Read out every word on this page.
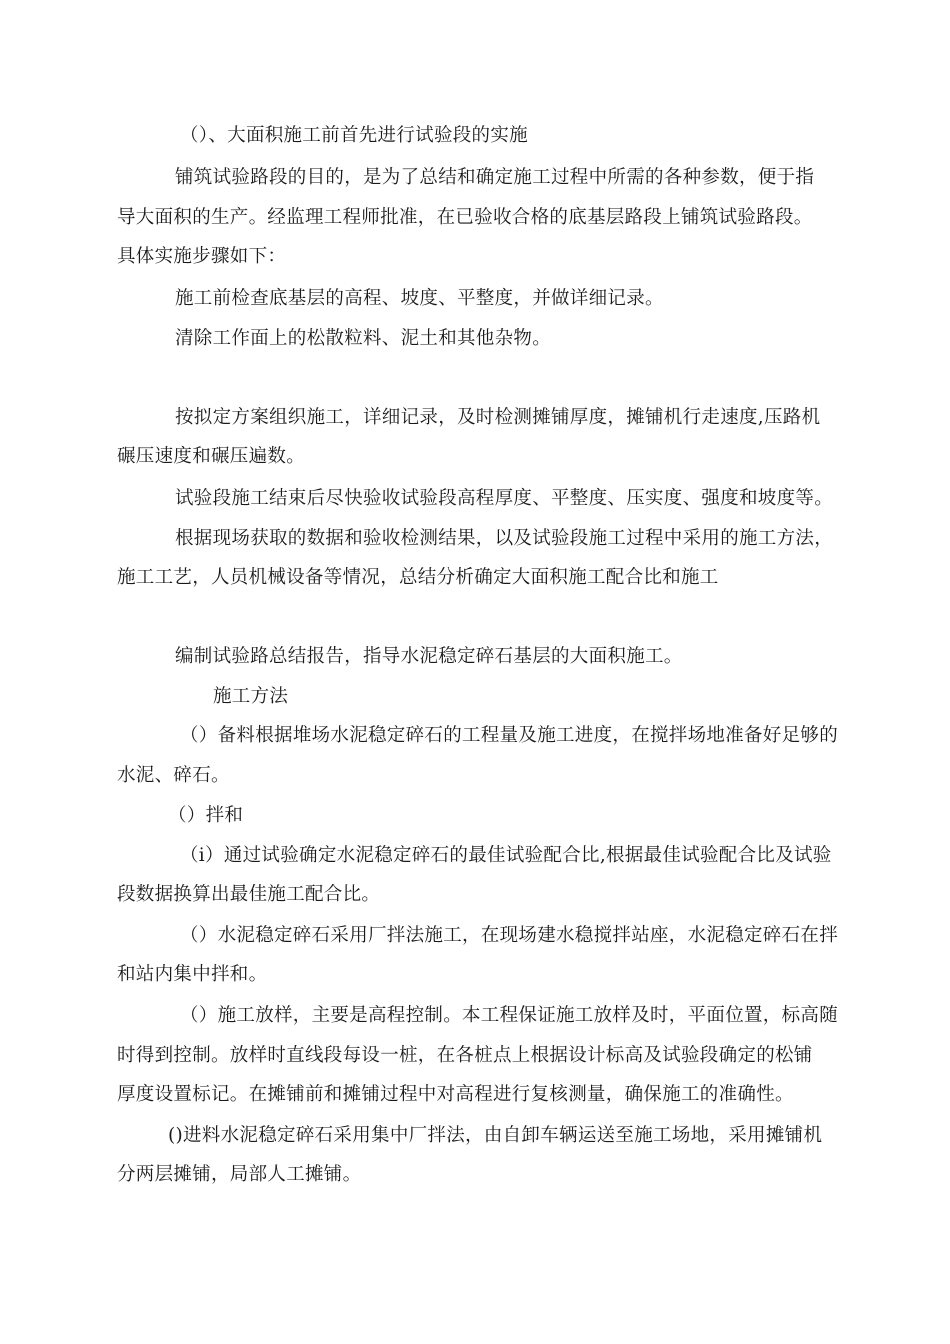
（）、大面积施工前首先进行试验段的实施
铺筑试验路段的目的，是为了总结和确定施工过程中所需的各种参数，便于指
导大面积的生产。经监理工程师批准，在已验收合格的底基层路段上铺筑试验路段。
具体实施步骤如下：
施工前检查底基层的高程、坡度、平整度，并做详细记录。
清除工作面上的松散粒料、泥土和其他杂物。
按拟定方案组织施工，详细记录，及时检测摊铺厚度，摊铺机行走速度,压路机
碾压速度和碾压遍数。
试验段施工结束后尽快验收试验段高程厚度、平整度、压实度、强度和坡度等。
根据现场获取的数据和验收检测结果，以及试验段施工过程中采用的施工方法，
施工工艺，人员机械设备等情况，总结分析确定大面积施工配合比和施工
编制试验路总结报告，指导水泥稳定碎石基层的大面积施工。
施工方法
（）备料根据堆场水泥稳定碎石的工程量及施工进度，在搅拌场地准备好足够的
水泥、碎石。
（）拌和
（i）通过试验确定水泥稳定碎石的最佳试验配合比,根据最佳试验配合比及试验
段数据换算出最佳施工配合比。
（）水泥稳定碎石采用厂拌法施工，在现场建水稳搅拌站座，水泥稳定碎石在拌
和站内集中拌和。
（）施工放样，主要是高程控制。本工程保证施工放样及时，平面位置，标高随
时得到控制。放样时直线段每设一桩，在各桩点上根据设计标高及试验段确定的松铺
厚度设置标记。在摊铺前和摊铺过程中对高程进行复核测量，确保施工的准确性。
()进料水泥稳定碎石采用集中厂拌法，由自卸车辆运送至施工场地，采用摊铺机
分两层摊铺，局部人工摊铺。
